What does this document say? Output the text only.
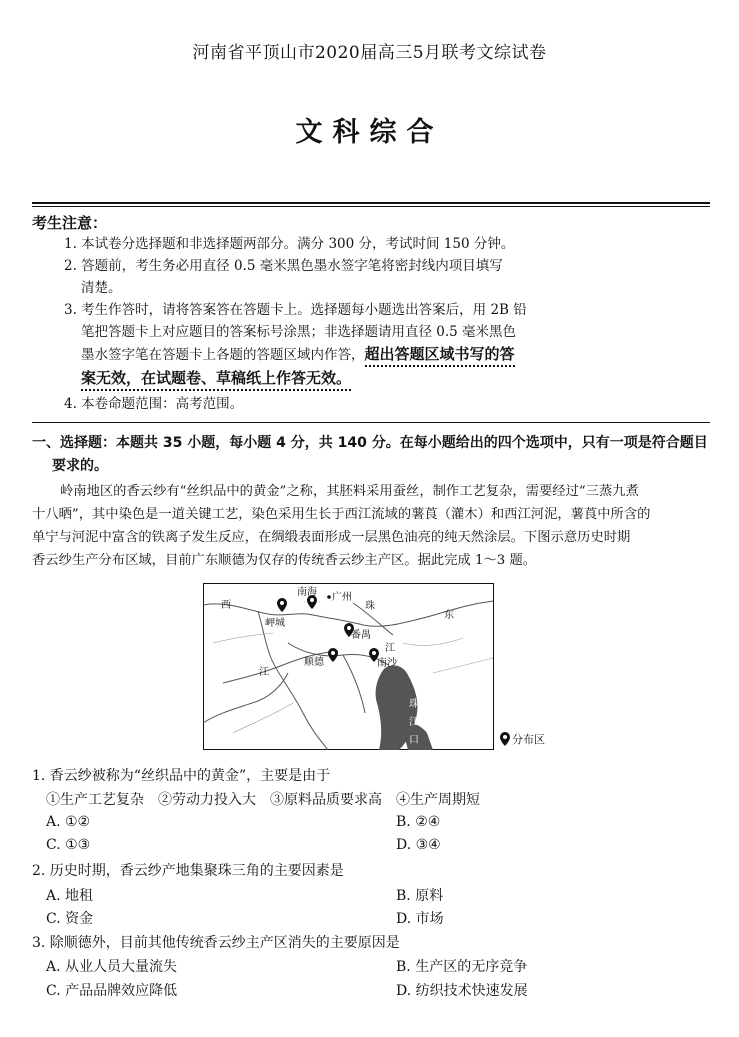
河南省平顶山市2020届高三5月联考文综试卷
文科综合
考生注意：
1. 本试卷分选择题和非选择题两部分。满分 300 分，考试时间 150 分钟。
2. 答题前，考生务必用直径 0.5 毫米黑色墨水签字笔将密封线内项目填写
清楚。
3. 考生作答时，请将答案答在答题卡上。选择题每小题选出答案后，用 2B 铅
笔把答题卡上对应题目的答案标号涂黑；非选择题请用直径 0.5 毫米黑色
墨水签字笔在答题卡上各题的答题区域内作答，超出答题区域书写的答
案无效，在试题卷、草稿纸上作答无效。
4. 本卷命题范围：高考范围。
一、选择题：本题共 35 小题，每小题 4 分，共 140 分。在每小题给出的四个选项中，只有一项是符合题目
要求的。
岭南地区的香云纱有“丝织品中的黄金”之称，其胚料采用蚕丝，制作工艺复杂，需要经过“三蒸九煮
十八晒”，其中染色是一道关键工艺，染色采用生长于西江流域的薯莨（灌木）和西江河泥，薯莨中所含的
单宁与河泥中富含的铁离子发生反应，在绸缎表面形成一层黑色油亮的纯天然涂层。下图示意历史时期
香云纱生产分布区域，目前广东顺德为仅存的传统香云纱主产区。据此完成 1～3 题。
南海 广州
珠
东
西
岬城
番禺
江
顺德	南沙
江
珠
江
口	分布区
1. 香云纱被称为“丝织品中的黄金”，主要是由于
①生产工艺复杂　②劳动力投入大　③原料品质要求高　④生产周期短
A. ①②	B. ②④
C. ①③	D. ③④
2. 历史时期，香云纱产地集聚珠三角的主要因素是
A. 地租	B. 原料
C. 资金	D. 市场
3. 除顺德外，目前其他传统香云纱主产区消失的主要原因是
A. 从业人员大量流失	B. 生产区的无序竞争
C. 产品品牌效应降低	D. 纺织技术快速发展
